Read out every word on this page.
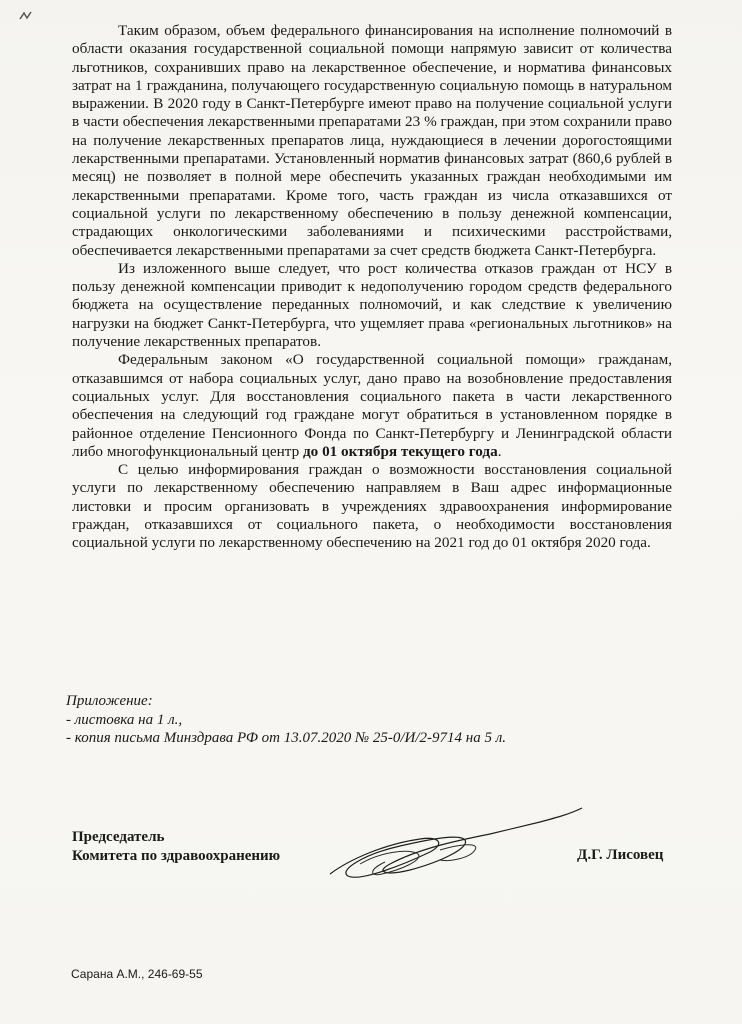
Таким образом, объем федерального финансирования на исполнение полномочий в области оказания государственной социальной помощи напрямую зависит от количества льготников, сохранивших право на лекарственное обеспечение, и норматива финансовых затрат на 1 гражданина, получающего государственную социальную помощь в натуральном выражении. В 2020 году в Санкт-Петербурге имеют право на получение социальной услуги в части обеспечения лекарственными препаратами 23 % граждан, при этом сохранили право на получение лекарственных препаратов лица, нуждающиеся в лечении дорогостоящими лекарственными препаратами. Установленный норматив финансовых затрат (860,6 рублей в месяц) не позволяет в полной мере обеспечить указанных граждан необходимыми им лекарственными препаратами. Кроме того, часть граждан из числа отказавшихся от социальной услуги по лекарственному обеспечению в пользу денежной компенсации, страдающих онкологическими заболеваниями и психическими расстройствами, обеспечивается лекарственными препаратами за счет средств бюджета Санкт-Петербурга.

Из изложенного выше следует, что рост количества отказов граждан от НСУ в пользу денежной компенсации приводит к недополучению городом средств федерального бюджета на осуществление переданных полномочий, и как следствие к увеличению нагрузки на бюджет Санкт-Петербурга, что ущемляет права «региональных льготников» на получение лекарственных препаратов.

Федеральным законом «О государственной социальной помощи» гражданам, отказавшимся от набора социальных услуг, дано право на возобновление предоставления социальных услуг. Для восстановления социального пакета в части лекарственного обеспечения на следующий год граждане могут обратиться в установленном порядке в районное отделение Пенсионного Фонда по Санкт-Петербургу и Ленинградской области либо многофункциональный центр до 01 октября текущего года.

С целью информирования граждан о возможности восстановления социальной услуги по лекарственному обеспечению направляем в Ваш адрес информационные листовки и просим организовать в учреждениях здравоохранения информирование граждан, отказавшихся от социального пакета, о необходимости восстановления социальной услуги по лекарственному обеспечению на 2021 год до 01 октября 2020 года.

Приложение:
- листовка на 1 л.,
- копия письма Минздрава РФ от 13.07.2020 № 25-0/И/2-9714 на 5 л.
Председатель
Комитета по здравоохранению	Д.Г. Лисовец
Сарана А.М., 246-69-55
